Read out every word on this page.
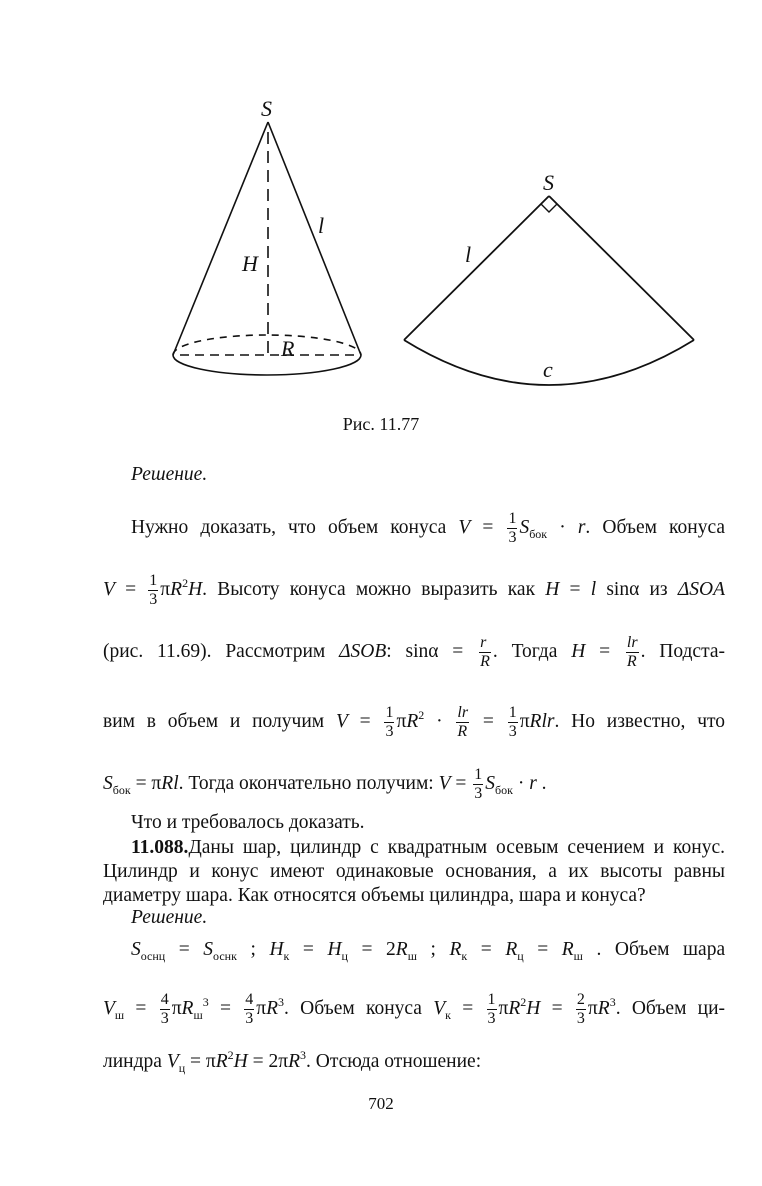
S
l
H
R
S
l
c
Рис. 11.77
Решение.
Нужно доказать, что объем конуса $V = \frac{1}{3} S_{бок} \cdot r$. Объем конуса
$V = \frac{1}{3} \pi R^2H$. Высоту конуса можно выразить как H = l sinα из ΔSOA
(рис. 11.69). Рассмотрим ΔSOB: $\sin\alpha = \frac{r}{R}$ . Тогда $H = \frac{lr}{R}$ . Подста-
вим в объем и получим $V = \frac{1}{3} \pi R^2 \cdot \frac{lr}{R} = \frac{1}{3} \pi Rlr$. Но известно, что
$S_{бок} = \pi Rl$. Тогда окончательно получим: $V = \frac{1}{3} S_{бок} \cdot r$ .
Что и требовалось доказать.
11.088.Даны шар, цилиндр с квадратным осевым сечением и конус.
Цилиндр и конус имеют одинаковые основания, а их высоты равны
диаметру шара. Как относятся объемы цилиндра, шара и конуса?
Решение.
$S_{оснц} = S_{оснк}$ ; $H_к = H_ц = 2R_ш$ ; $R_к = R_ц = R_ш$ . Объем шара
$V_ш = \frac{4}{3} \pi R_ш^3 = \frac{4}{3} \pi R^3$. Объем конуса $V_к = \frac{1}{3} \pi R^2H = \frac{2}{3} \pi R^3$. Объем ци-
линдра $V_ц = \pi R^2H = 2\pi R^3$. Отсюда отношение:
702
